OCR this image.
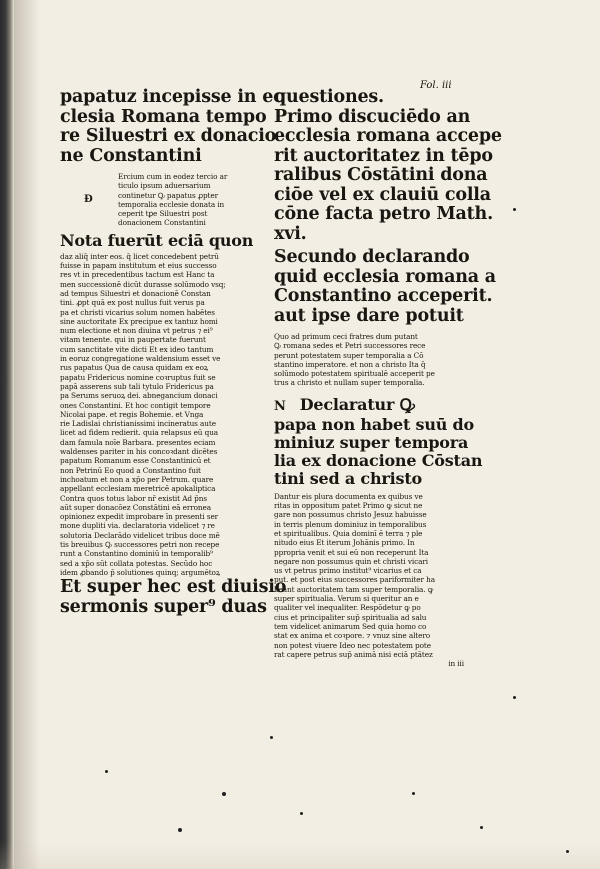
Fol. iii

papatuz incepisse in ec
clesia Romana tempo
re Siluestri ex donacio
ne Constantini

Ð

Ercium cum in eodez tercio ar
ticulo ipsum aduersarium
continetur Ꝙ papatus ꝓpter
temporalia ecclesie donata in
ceperit tꝑe Siluestri post
donacionem Constantini

Nota fuerūt eciā quon

daz aliq̄ inter eos. q̄ licet concedebent petrū
fuisse in papam institutum et eius successo
res vt in precedentibus tactum est Hanc ta
men successionē dicūt durasse solūmodo vsq;
ad tempus Siluestri et donacionē Constan
tini. ꝓpt quā ex post nullus fuit verus pa
pa et christi vicarius solum nomen habētes
sine auctoritate Ex precipue ex tantuz homi
num electione et non diuina vt petrus ⁊ ei⁹
vitam tenente. qui in paupertate fuerunt
cum sanctitate vite dicti Et ex ideo tantum
in eoruz congregatione waldensium esset ve
rus papatus Qua de causa quidam ex eoꝝ
papatu Fridericus nomine coꝛruptus fuit se
papā asserens sub tali tytulo Fridericus pa
pa Serums seruoꝝ dei. abnegancium donaci
ones Constantini. Et hoc contigit tempore
Nicolai pape. et regis Bohemie. et Vnga
rie Ladislai christianissimi incineratus aute
licet ad fidem redierit. quia relapsus eū qua
dam famula noīe Barbara. presentes eciam
waldenses pariter in his concoꝛdant dicētes
papatum Romanum esse Constantinicū et
non Petrinū Eo quod a Constantino fuit
inchoatum et non a xp̄o per Petrum. quare
appellant ecclesiam meretricē apokaliptica
Contra quos totus labor nr̄ existit Ad p̄ns
aūt super donacōez Constātini eā erronea
opinionez expedit improbare īn presenti ser
mone dupliti via. declaratoria videlicet ⁊ re
solutoria Declarādo videlicet tribus doce mē
tis breuibus Ꝙ successores petri non recepe
runt a Constantino dominiū in temporalib⁹
sed a xp̄o sūt collata potestas. Secūdo hoc
idem ꝓbando p̄ solutiones quinq; argumētoꝝ

Et super hec est diuisio
sermonis super⁹ duas

questiones.

Primo discuciēdo an
ecclesia romana accepe
rit auctoritatez in tēpo
ralibus Cōstātini dona
ciōe vel ex clauiū colla
cōne facta petro Math.
xvi.

Secundo declarando
quid ecclesia romana a
Constantino acceperit.
aut ipse dare potuit

Quo ad primum ceci fratres dum putant
Ꝙ romana sedes et Petri successores rece
perunt potestatem super temporalia a Cō
stantino imperatore. et non a christo Ita q̄
solūmodo potestatem spiritualē acceperit pe
trus a christo et nullam super temporalia.

N Declaratur Ꝙ
papa non habet suū do
miniuz super tempora
lia ex donacione Cōstan
tini sed a christo

Dantur eis plura documenta ex quibus ve
ritas in oppositum patet Primo ꝙ sicut ne
gare non possumus christo Jesuz habuisse
in terris plenum dominiuz in temporalibus
et spiritualibus. Quia dominī ē terra ⁊ ple
nitudo eius Et iterum Johānis primo. In
ppropria venit et sui eū non receperunt Ita
negare non possumus quin et christi vicari
us vt petrus primo institut⁹ vicarius et ca
put. et post eius successores pariformiter ha
beant auctoritatem tam super temporalia. ꝙ
super spiritualia. Verum si queritur an e
qualiter vel inequaliter. Respōdetur ꝙ po
cius et principaliter sup̄ spiritualia ad salu
tem videlicet animarum Sed quia homo co
stat ex anima et coꝛpore. ⁊ vnuz sine altero
non potest viuere Ideo nec potestatem pote
rat capere petrus sup̄ animā nisi eciā ptātez
in iii
